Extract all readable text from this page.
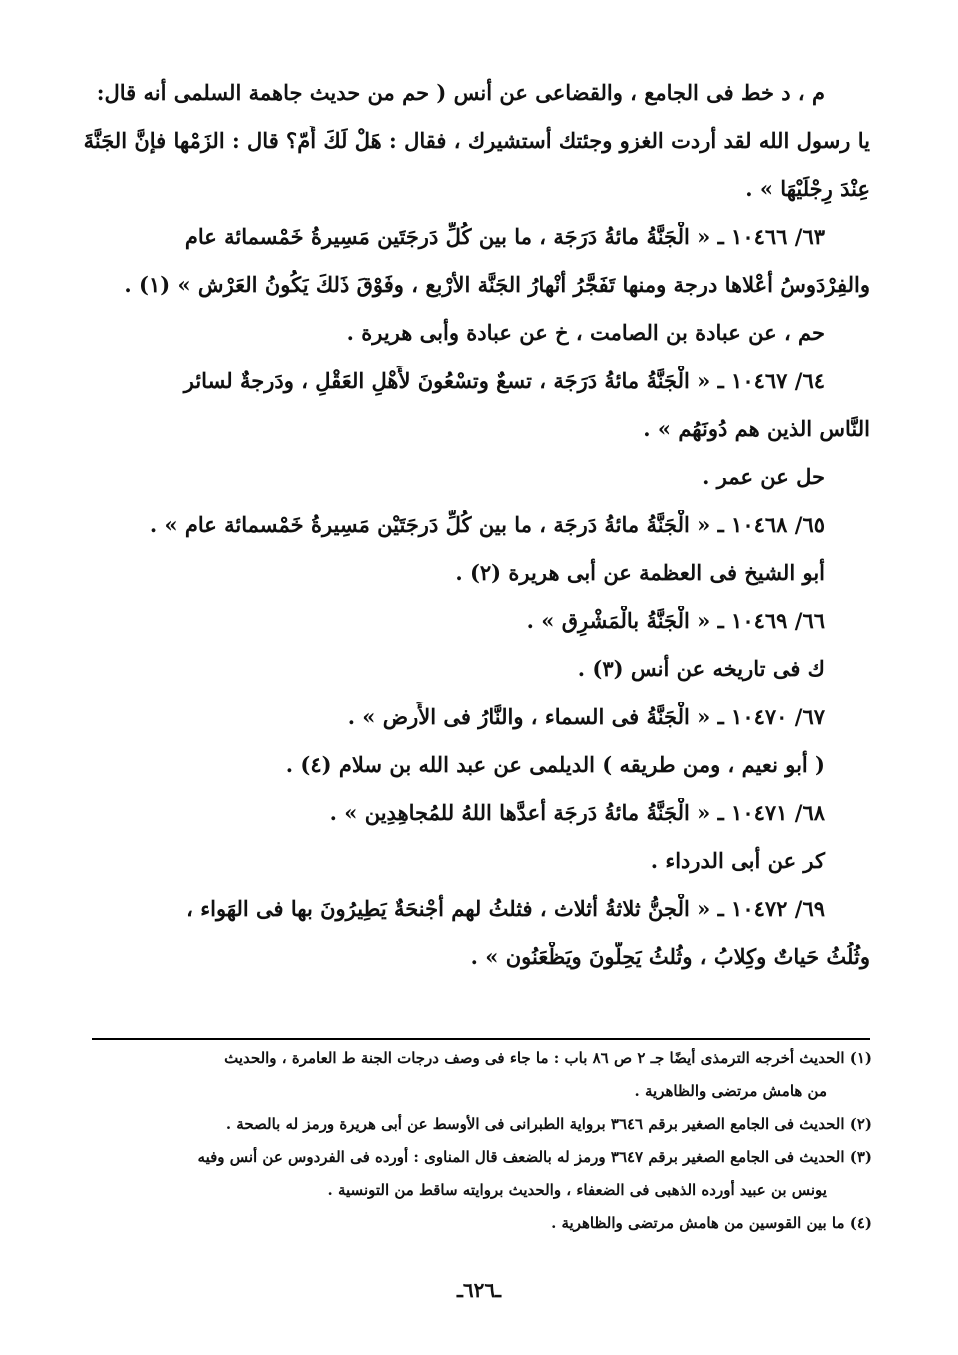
م ، د خط فى الجامع ، والقضاعى عن أنس ( حم من حديث جاهمة السلمى أنه قال:
يا رسول الله لقد أردت الغزو وجئتك أستشيرك ، فقال : هَلْ لَكَ أُمّ؟ قال : الزَمْها فإنَّ الجَنَّةَ
عِنْدَ رِجْلَيْهَا » .
٦٣/ ١٠٤٦٦ ـ « الْجَنَّةُ مائةُ دَرَجَة ، ما بين كُلِّ دَرجَتَين مَسِيرةُ خَمْسمائة عام
والفِرْدَوسُ أعْلاها درجة ومنها تَفَجَّرُ أنْهارُ الجَنَّة الأرْبع ، وفَوْقَ ذَلكَ يَكُونُ العَرْش » (١) .
حم ، عن عبادة بن الصامت ، خ عن عبادة وأبى هريرة .
٦٤/ ١٠٤٦٧ ـ « الْجَنَّةُ مائةُ دَرَجَة ، تسعٌ وتسْعُونَ لأَهْلِ العَقْلِ ، ودَرجةٌ لسائر
النَّاس الذين هم دُونَهُم » .
حل عن عمر .
٦٥/ ١٠٤٦٨ ـ « الْجَنَّةُ مائةُ دَرجَة ، ما بين كُلِّ دَرجَتَيْن مَسِيرةُ خَمْسمائة عام » .
أبو الشيخ فى العظمة عن أبى هريرة (٢) .
٦٦/ ١٠٤٦٩ ـ « الْجَنَّةُ بالْمَشْرِق » .
ك فى تاريخه عن أنس (٣) .
٦٧/ ١٠٤٧٠ ـ « الْجَنَّةُ فى السماء ، والنَّارُ فى الأَرض » .
( أبو نعيم ، ومن طريقه ) الديلمى عن عبد الله بن سلام (٤) .
٦٨/ ١٠٤٧١ ـ « الْجَنَّةُ مائةُ دَرجَة أعدَّها اللهُ للمُجاهِدِين » .
كر عن أبى الدرداء .
٦٩/ ١٠٤٧٢ ـ « الْجنُّ ثلاثةُ أثلاث ، فثلثُ لهم أجْنحَةٌ يَطِيرُونَ بها فى الهَواء ،
وثُلُثُ حَياتٌ وكِلابُ ، وثُلثُ يَحِلُّونَ ويَظْعَنُون » .
(١) الحديث أخرجه الترمذى أيضًا جـ ٢ ص ٨٦ باب : ما جاء فى وصف درجات الجنة ط العامرة ، والحديث
من هامش مرتضى والظاهرية .
(٢) الحديث فى الجامع الصغير برقم ٣٦٤٦ برواية الطبرانى فى الأوسط عن أبى هريرة ورمز له بالصحة .
(٣) الحديث فى الجامع الصغير برقم ٣٦٤٧ ورمز له بالضعف قال المناوى : أورده فى الفردوس عن أنس وفيه
يونس بن عبيد أورده الذهبى فى الضعفاء ، والحديث بروايته ساقط من التونسية .
(٤) ما بين القوسين من هامش مرتضى والظاهرية .
ـ٦٢٦ـ
